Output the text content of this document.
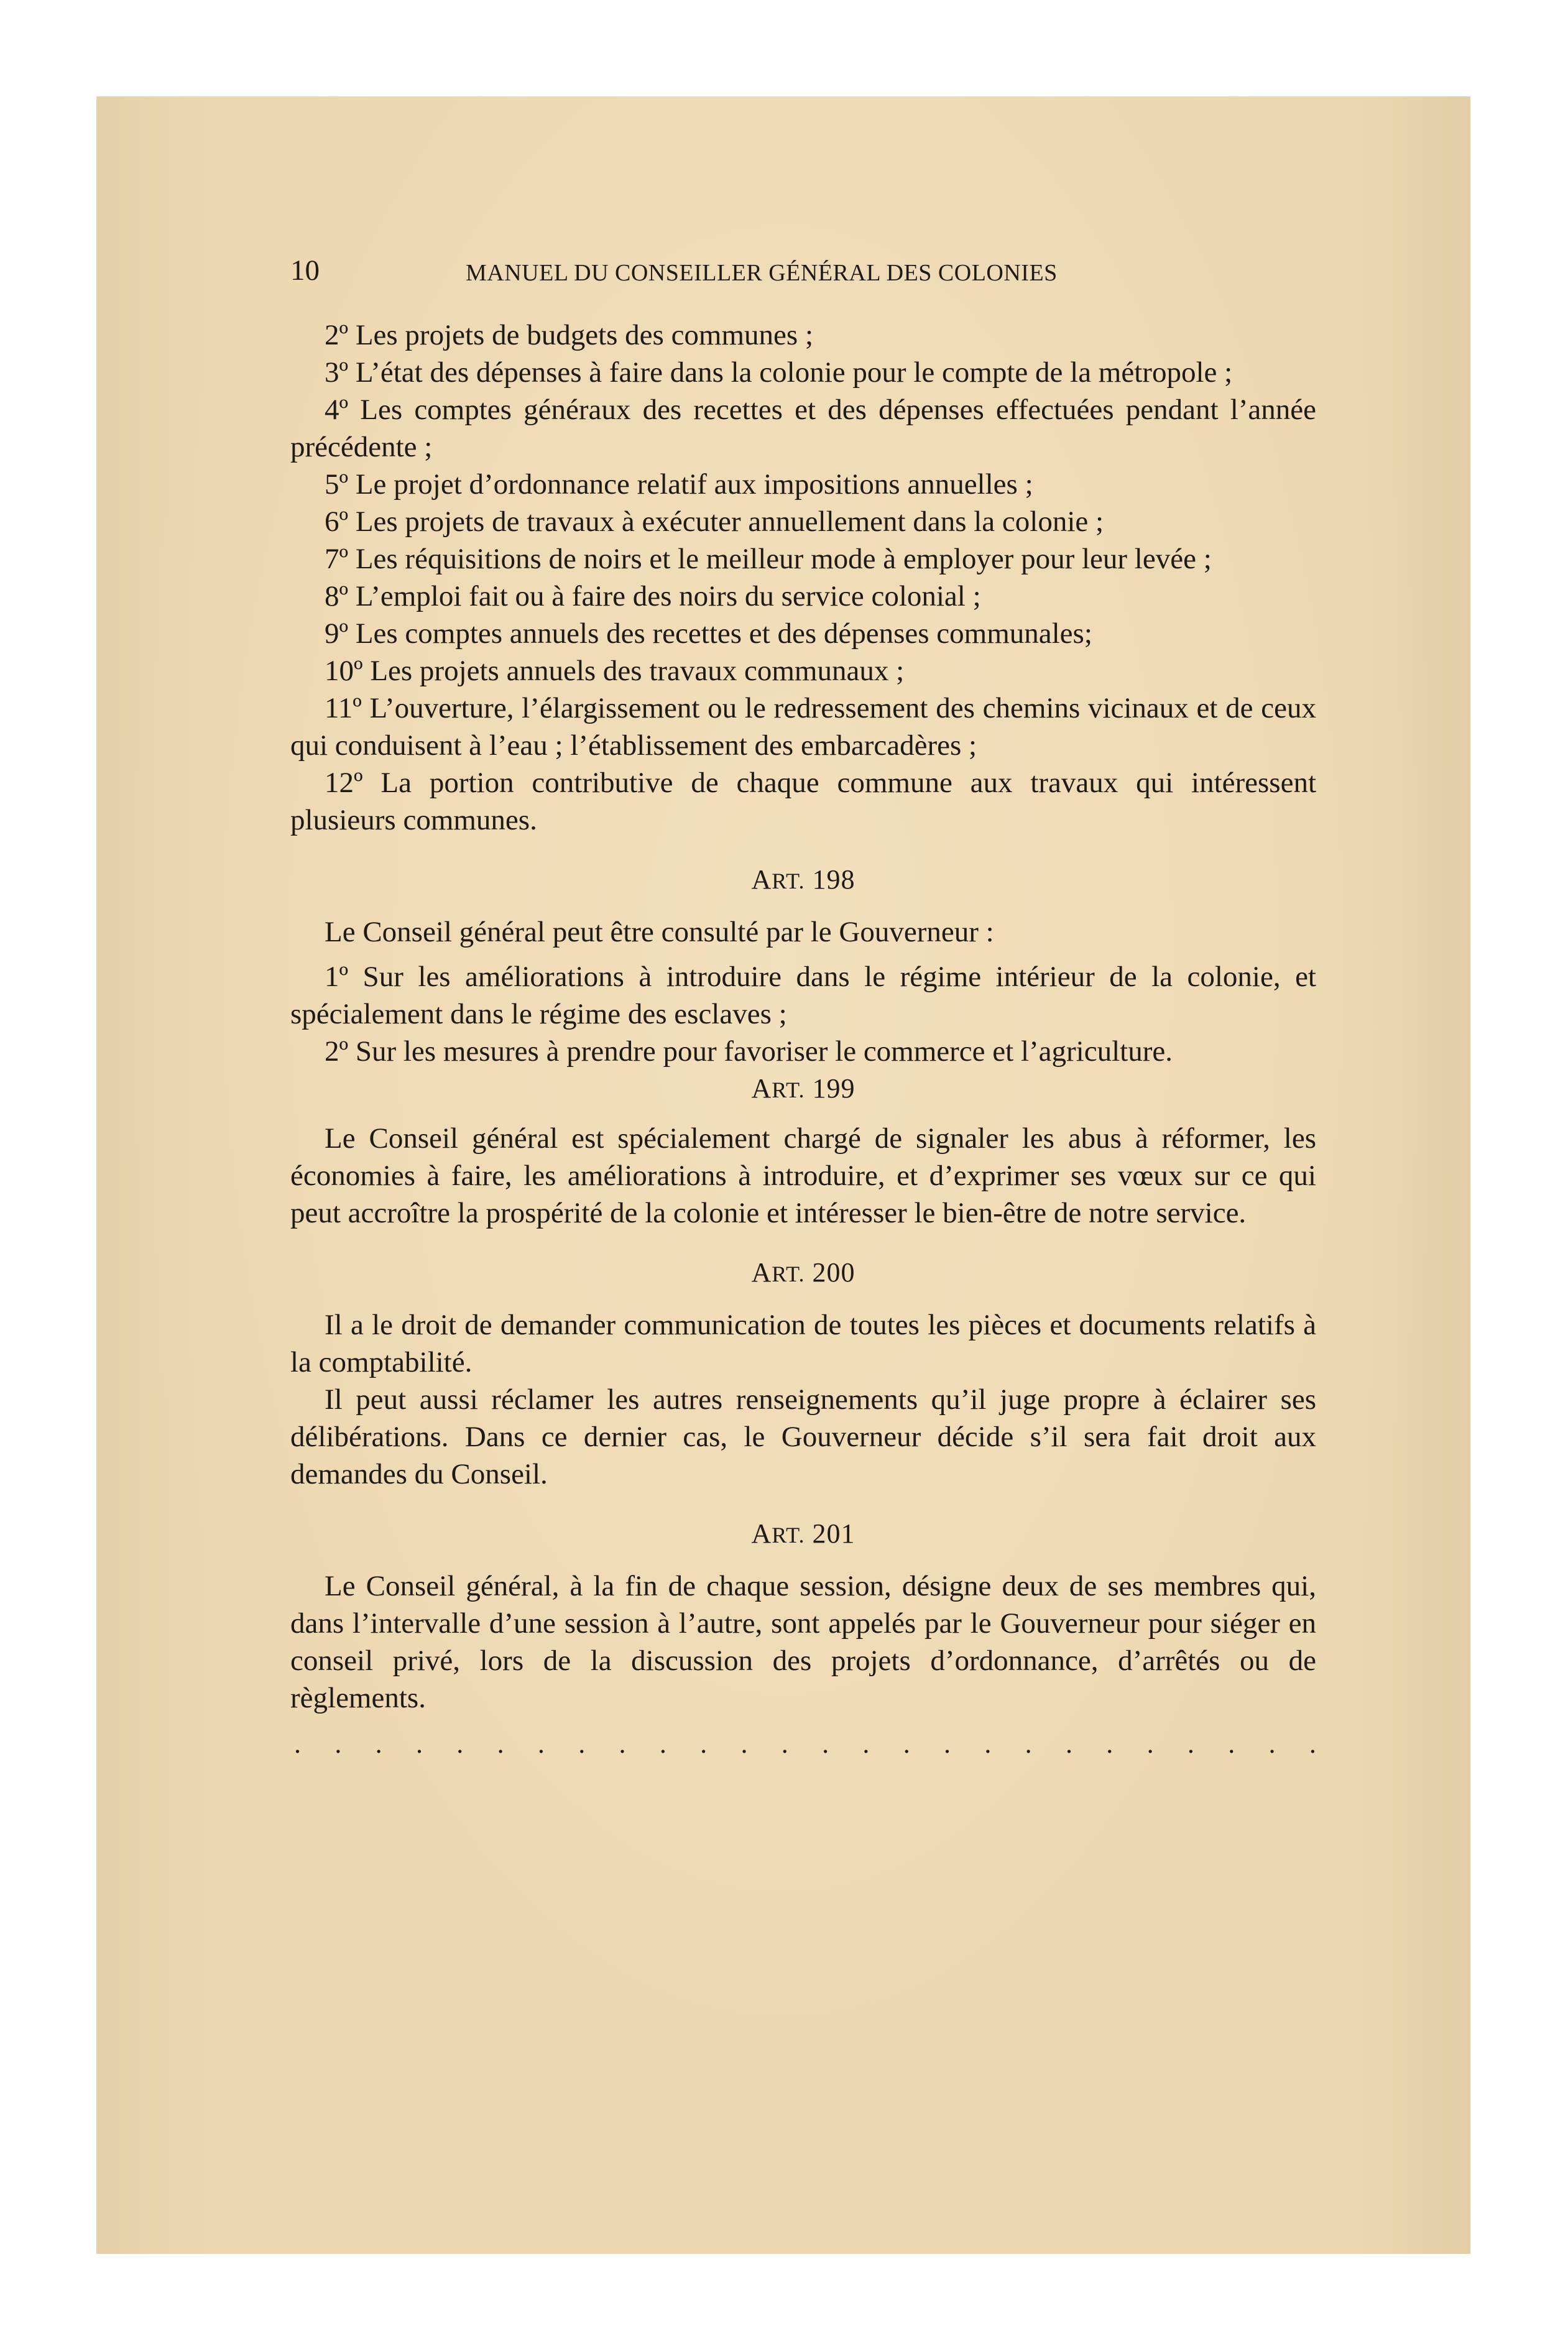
10	MANUEL DU CONSEILLER GÉNÉRAL DES COLONIES

2º Les projets de budgets des communes ;

3º L’état des dépenses à faire dans la colonie pour le compte de la métropole ;

4º Les comptes généraux des recettes et des dépenses effectuées pendant l’année précédente ;

5º Le projet d’ordonnance relatif aux impositions annuelles ;

6º Les projets de travaux à exécuter annuellement dans la colonie ;

7º Les réquisitions de noirs et le meilleur mode à employer pour leur levée ;

8º L’emploi fait ou à faire des noirs du service colonial ;

9º Les comptes annuels des recettes et des dépenses communales;

10º Les projets annuels des travaux communaux ;

11º L’ouverture, l’élargissement ou le redressement des chemins vicinaux et de ceux qui conduisent à l’eau ; l’établissement des embarcadères ;

12º La portion contributive de chaque commune aux travaux qui intéressent plusieurs communes.

ART. 198

Le Conseil général peut être consulté par le Gouverneur :

1º Sur les améliorations à introduire dans le régime intérieur de la colonie, et spécialement dans le régime des esclaves ;

2º Sur les mesures à prendre pour favoriser le commerce et l’agriculture.

ART. 199

Le Conseil général est spécialement chargé de signaler les abus à réformer, les économies à faire, les améliorations à introduire, et d’exprimer ses vœux sur ce qui peut accroître la prospérité de la colonie et intéresser le bien-être de notre service.

ART. 200

Il a le droit de demander communication de toutes les pièces et documents relatifs à la comptabilité.

Il peut aussi réclamer les autres renseignements qu’il juge propre à éclairer ses délibérations. Dans ce dernier cas, le Gouverneur décide s’il sera fait droit aux demandes du Conseil.

ART. 201

Le Conseil général, à la fin de chaque session, désigne deux de ses membres qui, dans l’intervalle d’une session à l’autre, sont appelés par le Gouverneur pour siéger en conseil privé, lors de la discussion des projets d’ordonnance, d’arrêtés ou de règlements.

. . . . . . . . . . . . . . . . . . . . . . . . . .
